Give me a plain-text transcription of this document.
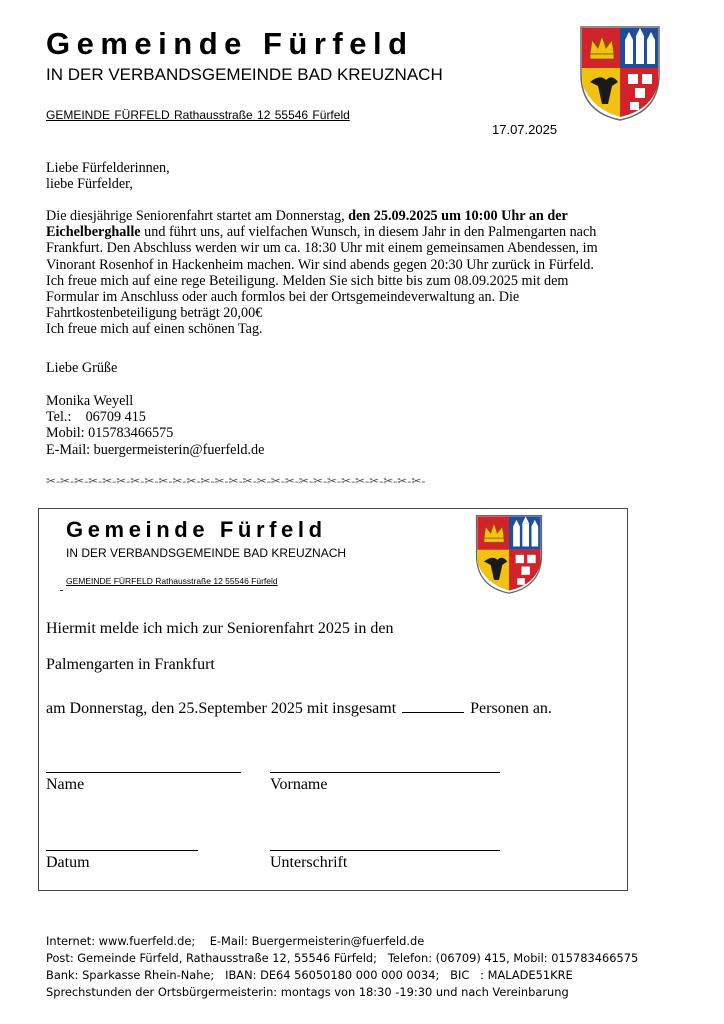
Gemeinde Fürfeld
IN DER VERBANDSGEMEINDE BAD KREUZNACH
GEMEINDE FÜRFELD Rathausstraße 12 55546 Fürfeld
17.07.2025
Liebe Fürfelderinnen,
liebe Fürfelder,
Die diesjährige Seniorenfahrt startet am Donnerstag, den 25.09.2025 um 10:00 Uhr an der Eichelberghalle und führt uns, auf vielfachen Wunsch, in diesem Jahr in den Palmengarten nach Frankfurt. Den Abschluss werden wir um ca. 18:30 Uhr mit einem gemeinsamen Abendessen, im Vinorant Rosenhof in Hackenheim machen. Wir sind abends gegen 20:30 Uhr zurück in Fürfeld.
Ich freue mich auf eine rege Beteiligung. Melden Sie sich bitte bis zum 08.09.2025 mit dem
Formular im Anschluss oder auch formlos bei der Ortsgemeindeverwaltung an. Die
Fahrtkostenbeteiligung beträgt 20,00€
Ich freue mich auf einen schönen Tag.
Liebe Grüße
Monika Weyell
Tel.:    06709 415
Mobil: 015783466575
E-Mail: buergermeisterin@fuerfeld.de
✂-✂-✂-✂-✂-✂-✂-✂-✂-✂-✂-✂-✂-✂-✂-✂-✂-✂-✂-✂-✂-✂-✂-✂-✂-✂-✂-
Gemeinde Fürfeld
IN DER VERBANDSGEMEINDE BAD KREUZNACH
GEMEINDE FÜRFELD Rathausstraße 12 55546 Fürfeld
Hiermit melde ich mich zur Seniorenfahrt 2025 in den
Palmengarten in Frankfurt
am Donnerstag, den 25.September 2025 mit insgesamt	Personen an.
Name	Vorname
Datum	Unterschrift
Internet: www.fuerfeld.de;    E-Mail: Buergermeisterin@fuerfeld.de
Post: Gemeinde Fürfeld, Rathausstraße 12, 55546 Fürfeld;   Telefon: (06709) 415, Mobil: 015783466575
Bank: Sparkasse Rhein-Nahe;   IBAN: DE64 56050180 000 000 0034;   BIC   : MALADE51KRE
Sprechstunden der Ortsbürgermeisterin: montags von 18:30 -19:30 und nach Vereinbarung
